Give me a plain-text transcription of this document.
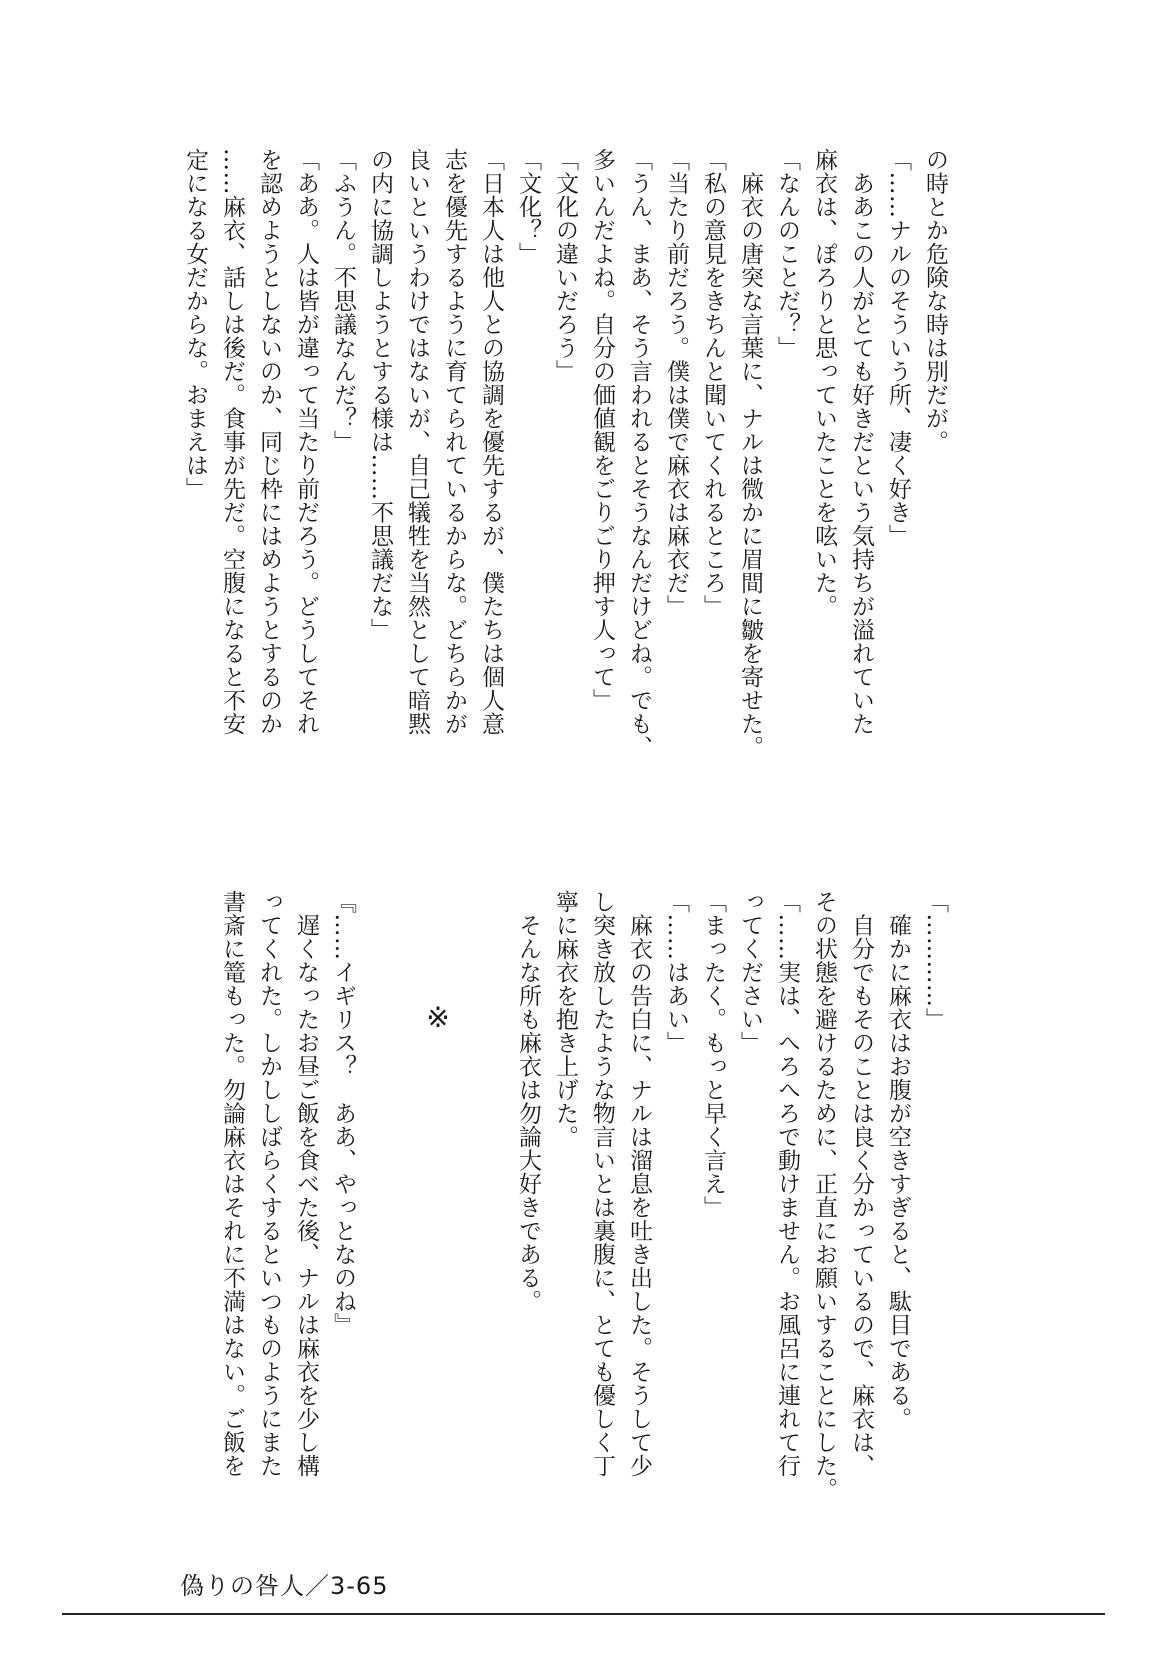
の時とか危険な時は別だが。
「……ナルのそういう所、凄く好き」
　ああこの人がとても好きだという気持ちが溢れていた
麻衣は、ぽろりと思っていたことを呟いた。
「なんのことだ？」
　麻衣の唐突な言葉に、ナルは微かに眉間に皺を寄せた。
「私の意見をきちんと聞いてくれるところ」
「当たり前だろう。僕は僕で麻衣は麻衣だ」
「うん、まあ、そう言われるとそうなんだけどね。でも、
多いんだよね。自分の価値観をごりごり押す人って」
「文化の違いだろう」
「文化？」
「日本人は他人との協調を優先するが、僕たちは個人意
志を優先するように育てられているからな。どちらかが
良いというわけではないが、自己犠牲を当然として暗黙
の内に協調しようとする様は……不思議だな」
「ふうん。不思議なんだ？」
「ああ。人は皆が違って当たり前だろう。どうしてそれ
を認めようとしないのか、同じ枠にはめようとするのか
……麻衣、話しは後だ。食事が先だ。空腹になると不安
定になる女だからな。おまえは」
「…………」
　確かに麻衣はお腹が空きすぎると、駄目である。
　自分でもそのことは良く分かっているので、麻衣は、
その状態を避けるために、正直にお願いすることにした。
「……実は、へろへろで動けません。お風呂に連れて行
ってください」
「まったく。もっと早く言え」
「……はあい」
　麻衣の告白に、ナルは溜息を吐き出した。そうして少
し突き放したような物言いとは裏腹に、とても優しく丁
寧に麻衣を抱き上げた。
　そんな所も麻衣は勿論大好きである。
『……イギリス？　ああ、やっとなのね』
　遅くなったお昼ご飯を食べた後、ナルは麻衣を少し構
ってくれた。しかししばらくするといつものようにまた
書斎に篭もった。勿論麻衣はそれに不満はない。ご飯を	※
偽りの咎人／3-65
